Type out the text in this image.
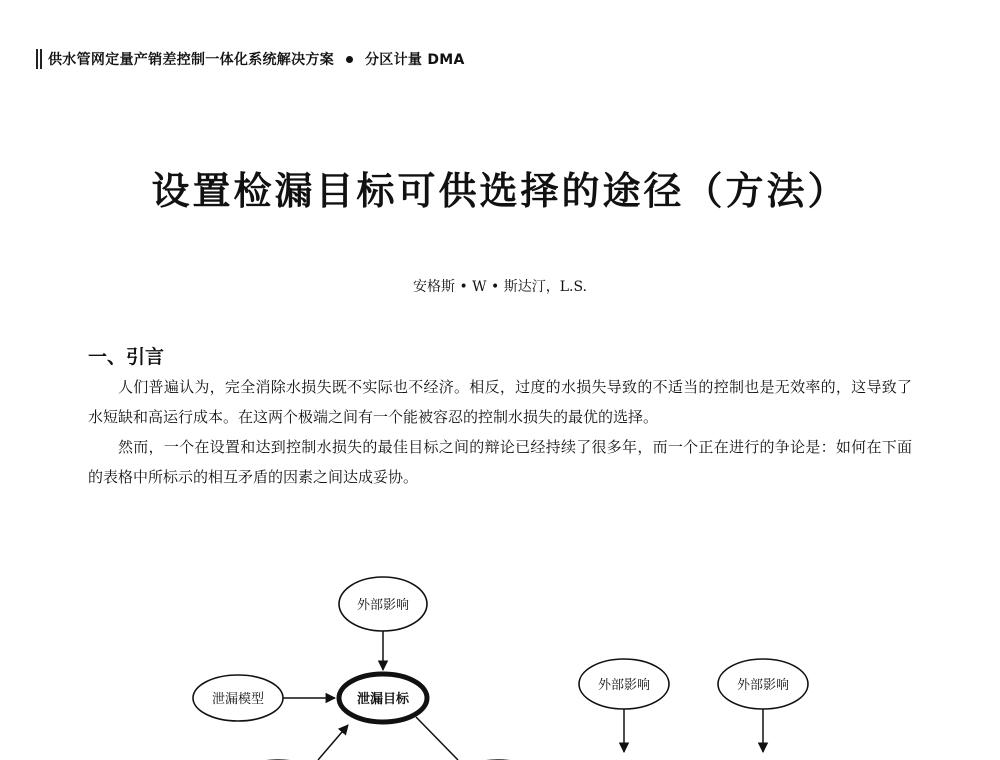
供水管网定量产销差控制一体化系统解决方案 分区计量 DMA
设置检漏目标可供选择的途径（方法）

安格斯 • W • 斯达汀，L.S.

一、引言

人们普遍认为，完全消除水损失既不实际也不经济。相反，过度的水损失导致的不适当的控制也是无效率的，这导致了水短缺和高运行成本。在这两个极端之间有一个能被容忍的控制水损失的最优的选择。

然而，一个在设置和达到控制水损失的最佳目标之间的辩论已经持续了很多年，而一个正在进行的争论是：如何在下面的表格中所标示的相互矛盾的因素之间达成妥协。

外部影响
泄漏模型	泄漏目标
外部影响	外部影响
